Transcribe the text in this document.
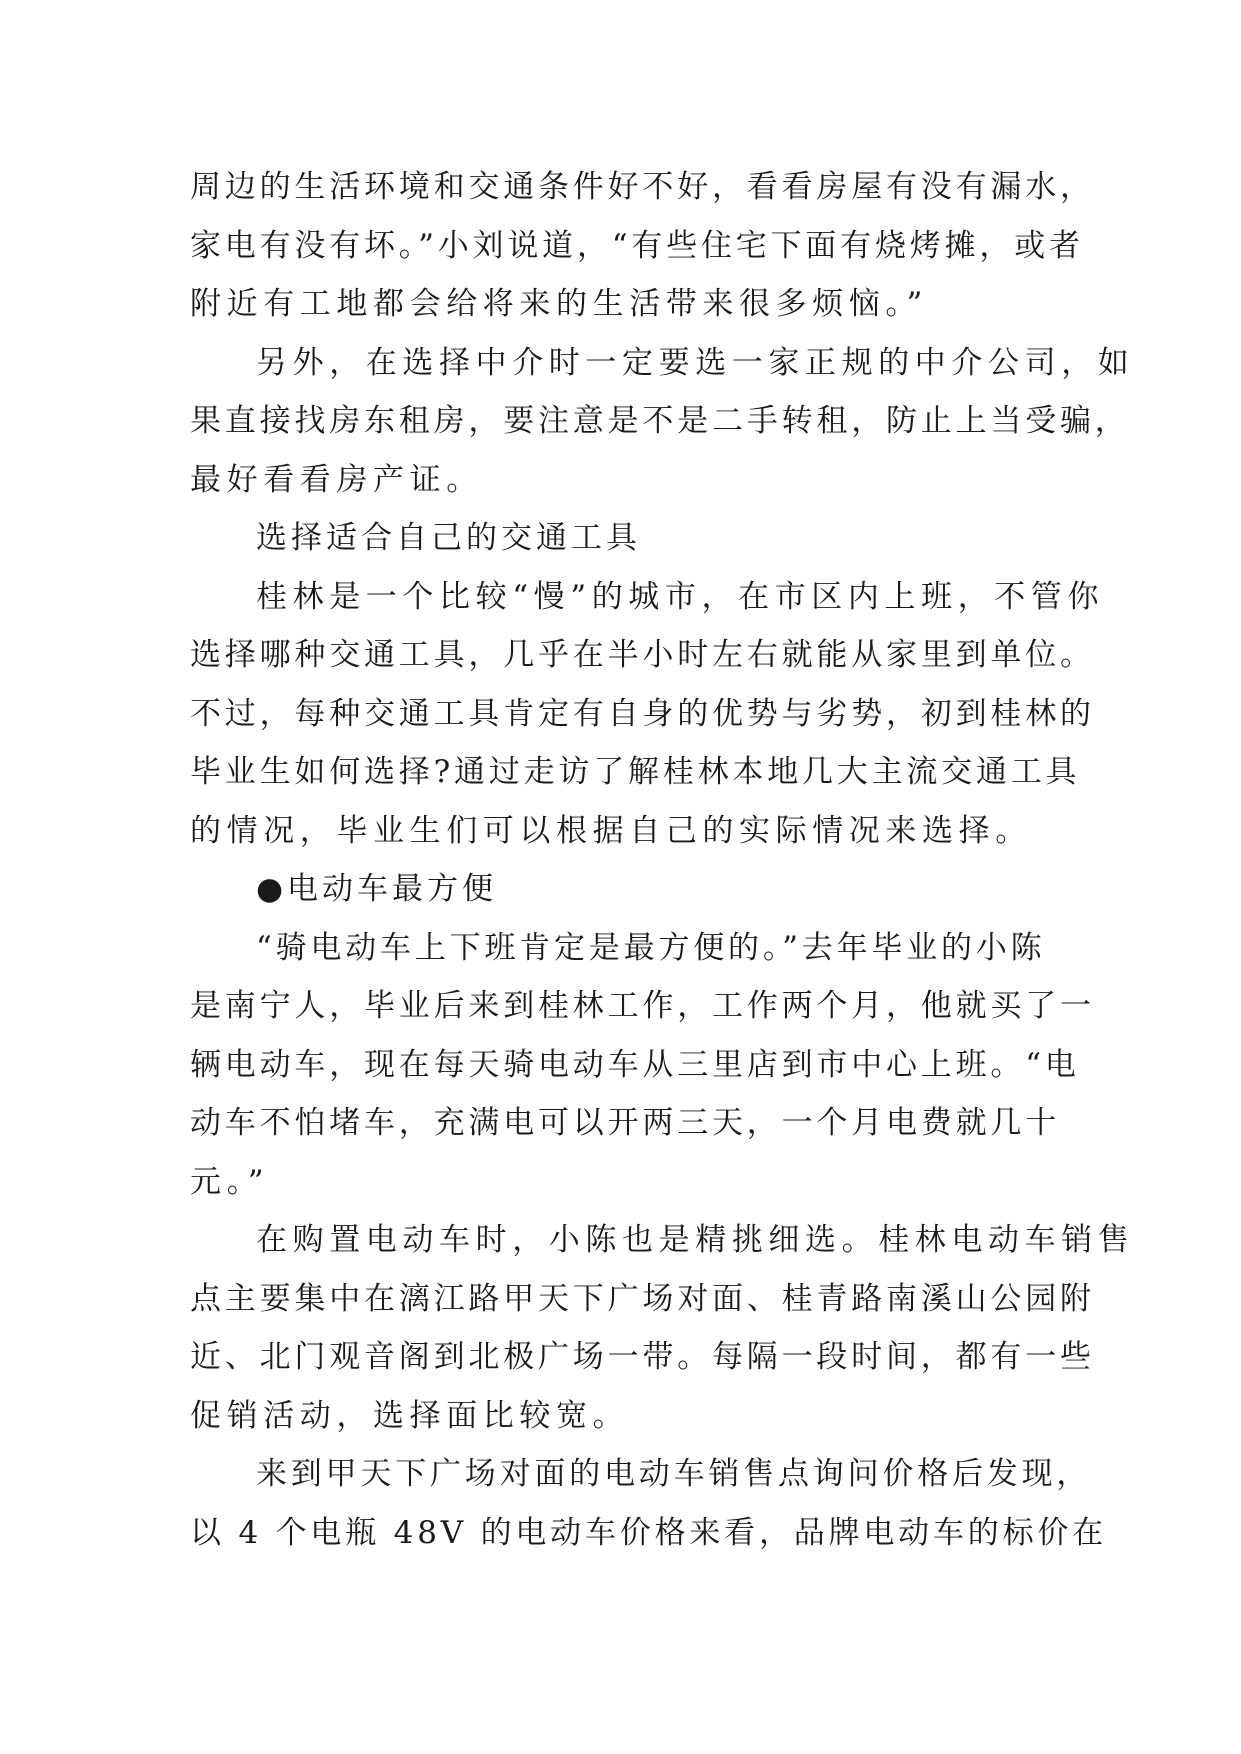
周边的生活环境和交通条件好不好，看看房屋有没有漏水，
家电有没有坏。”小刘说道，“有些住宅下面有烧烤摊，或者
附近有工地都会给将来的生活带来很多烦恼。”
另外，在选择中介时一定要选一家正规的中介公司，如
果直接找房东租房，要注意是不是二手转租，防止上当受骗，
最好看看房产证。
选择适合自己的交通工具
桂林是一个比较“慢”的城市，在市区内上班，不管你
选择哪种交通工具，几乎在半小时左右就能从家里到单位。
不过，每种交通工具肯定有自身的优势与劣势，初到桂林的
毕业生如何选择?通过走访了解桂林本地几大主流交通工具
的情况，毕业生们可以根据自己的实际情况来选择。
●电动车最方便
“骑电动车上下班肯定是最方便的。”去年毕业的小陈
是南宁人，毕业后来到桂林工作，工作两个月，他就买了一
辆电动车，现在每天骑电动车从三里店到市中心上班。“电
动车不怕堵车，充满电可以开两三天，一个月电费就几十
元。”
在购置电动车时，小陈也是精挑细选。桂林电动车销售
点主要集中在漓江路甲天下广场对面、桂青路南溪山公园附
近、北门观音阁到北极广场一带。每隔一段时间，都有一些
促销活动，选择面比较宽。
来到甲天下广场对面的电动车销售点询问价格后发现，
以 4 个电瓶 48V 的电动车价格来看，品牌电动车的标价在
